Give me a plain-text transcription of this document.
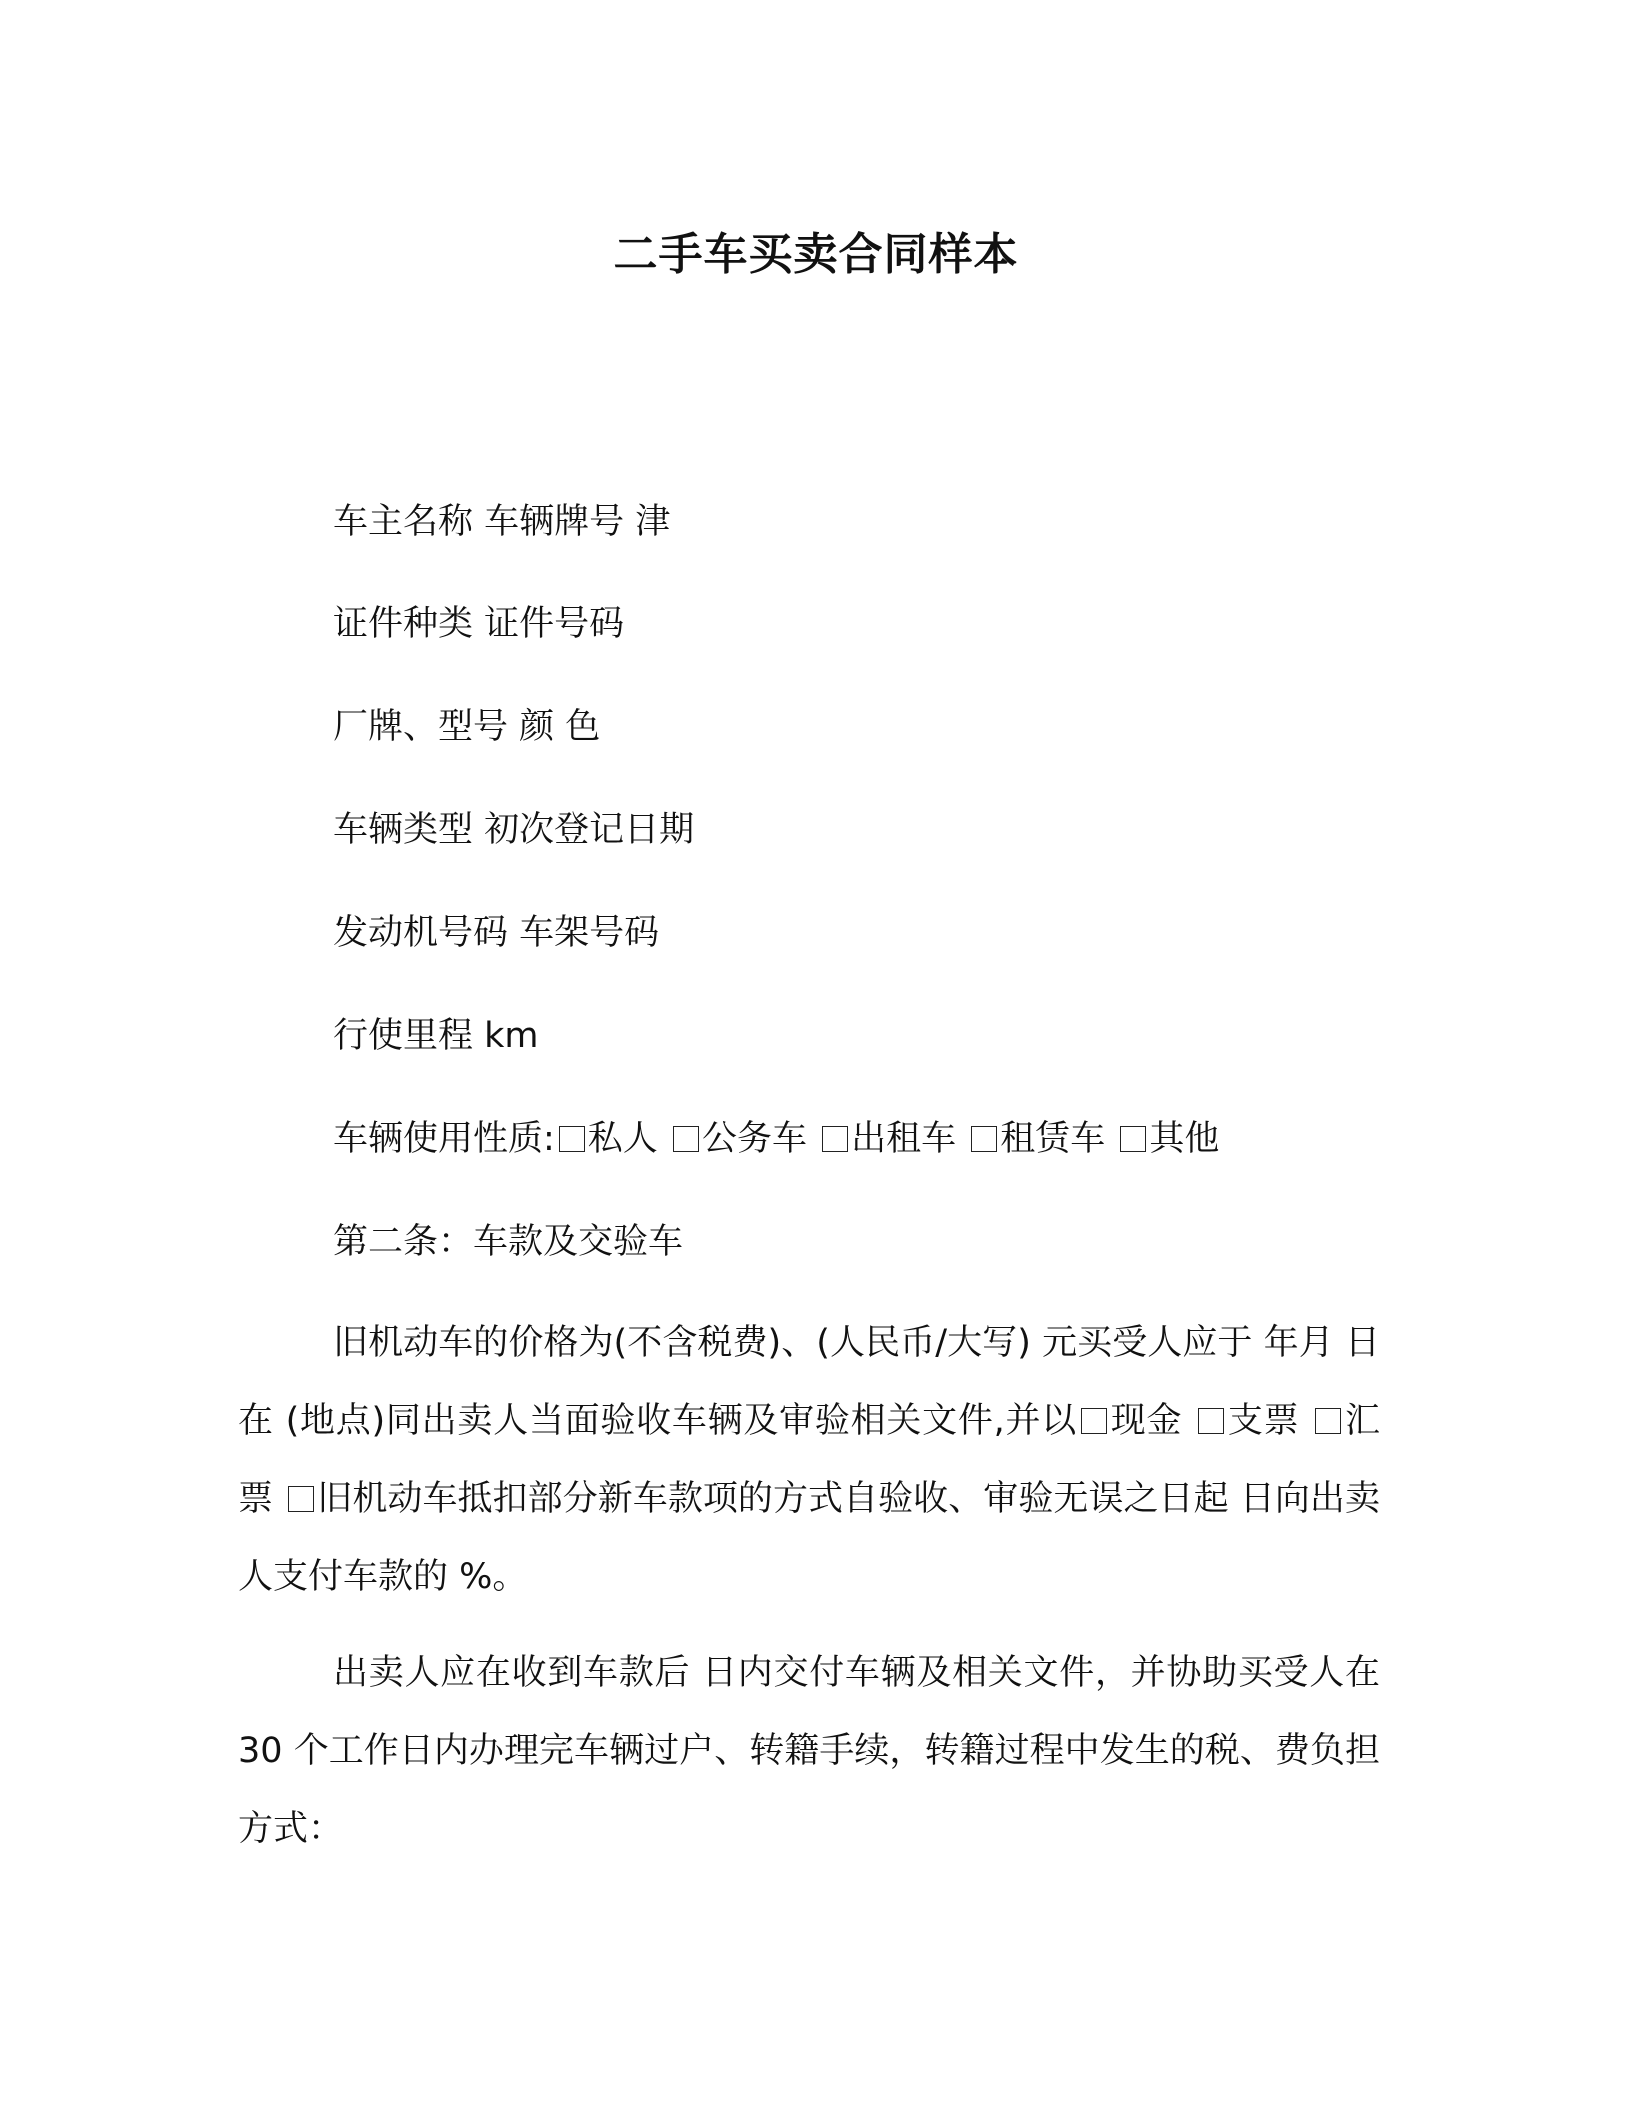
二手车买卖合同样本
车主名称 车辆牌号 津
证件种类 证件号码
厂牌、型号 颜 色
车辆类型 初次登记日期
发动机号码 车架号码
行使里程 km
车辆使用性质: 私人 公务车 出租车 租赁车 其他
第二条：车款及交验车
旧机动车的价格为(不含税费)、(人民币/大写) 元买受人应于 年月 日在 (地点)同出卖人当面验收车辆及审验相关文件,并以 现金 支票 汇票 旧机动车抵扣部分新车款项的方式自验收、审验无误之日起 日向出卖人支付车款的 %。
出卖人应在收到车款后 日内交付车辆及相关文件，并协助买受人在 30 个工作日内办理完车辆过户、转籍手续，转籍过程中发生的税、费负担方式：
